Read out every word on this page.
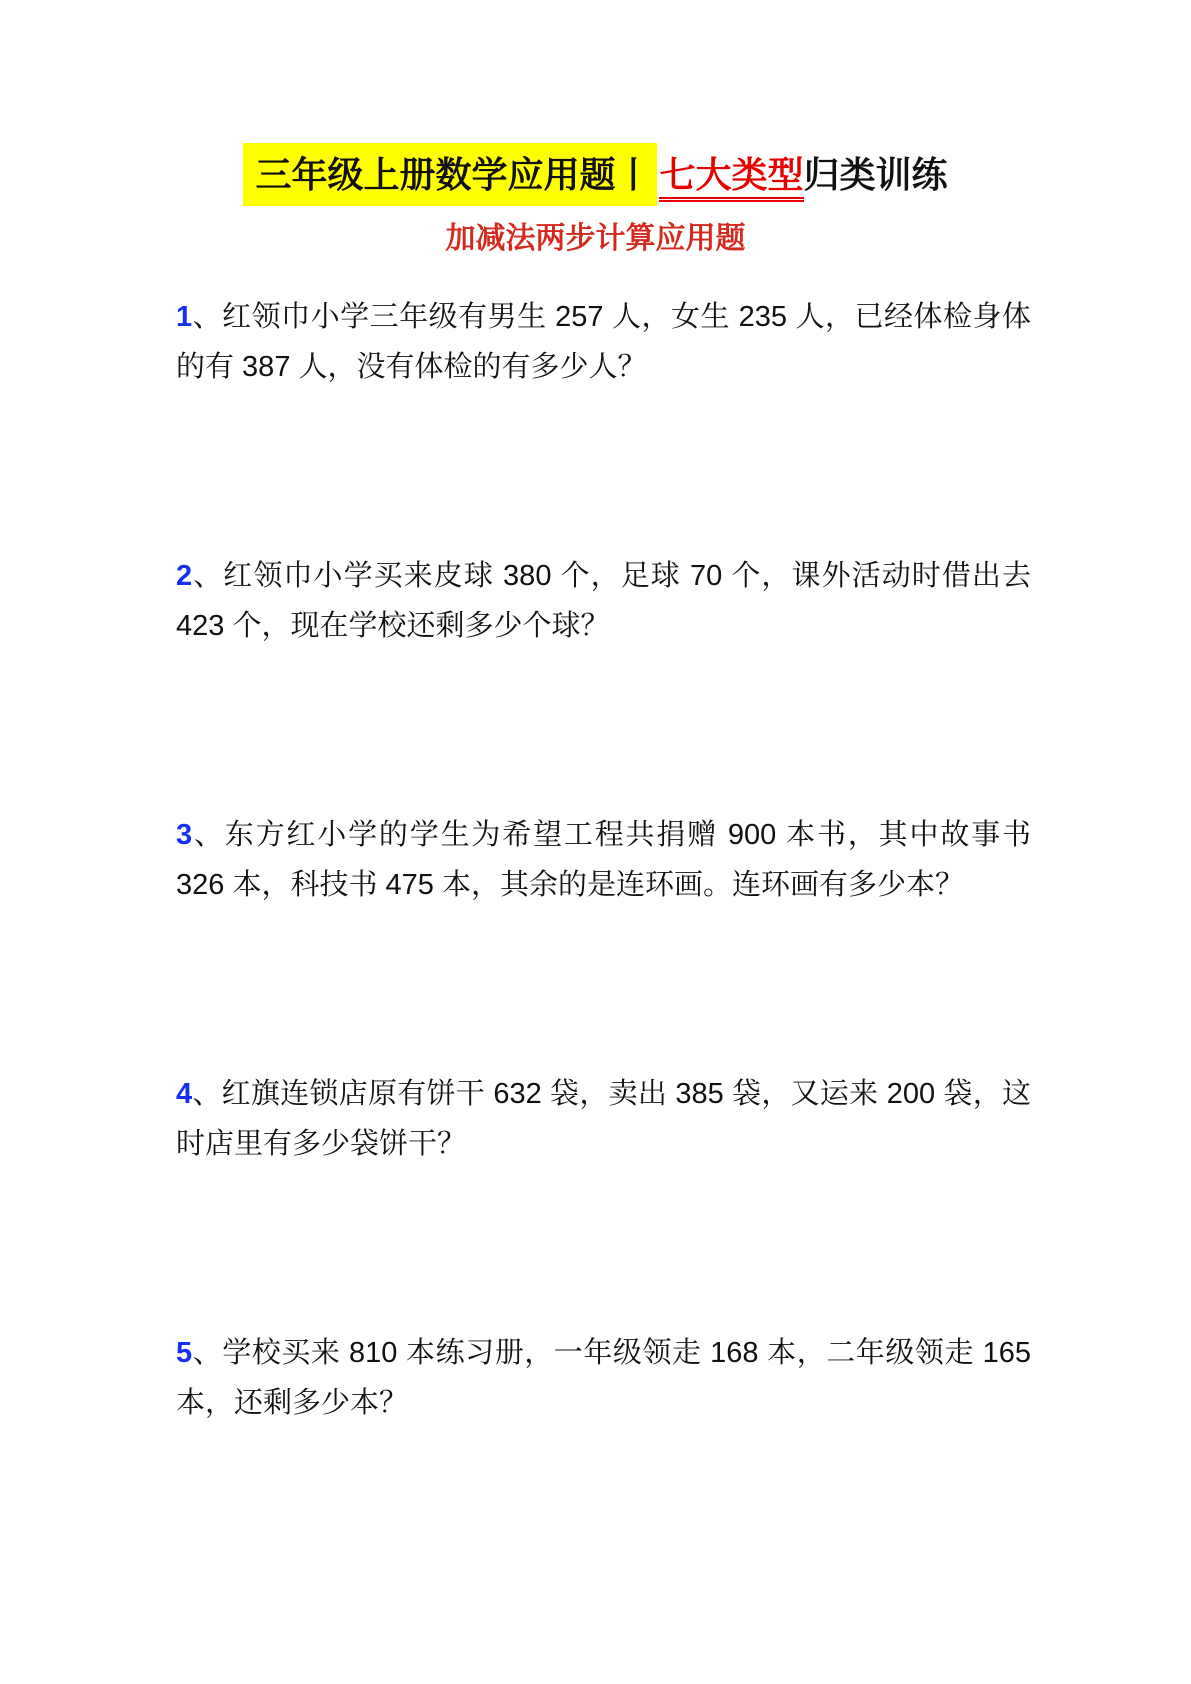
三年级上册数学应用题丨 七大类型归类训练
加减法两步计算应用题

1、红领巾小学三年级有男生 257 人，女生 235 人，已经体检身体的有 387 人，没有体检的有多少人？

2、红领巾小学买来皮球 380 个，足球 70 个，课外活动时借出去 423 个，现在学校还剩多少个球？

3、东方红小学的学生为希望工程共捐赠 900 本书，其中故事书 326 本，科技书 475 本，其余的是连环画。连环画有多少本？

4、红旗连锁店原有饼干 632 袋，卖出 385 袋，又运来 200 袋，这时店里有多少袋饼干？

5、学校买来 810 本练习册，一年级领走 168 本，二年级领走 165 本，还剩多少本？
